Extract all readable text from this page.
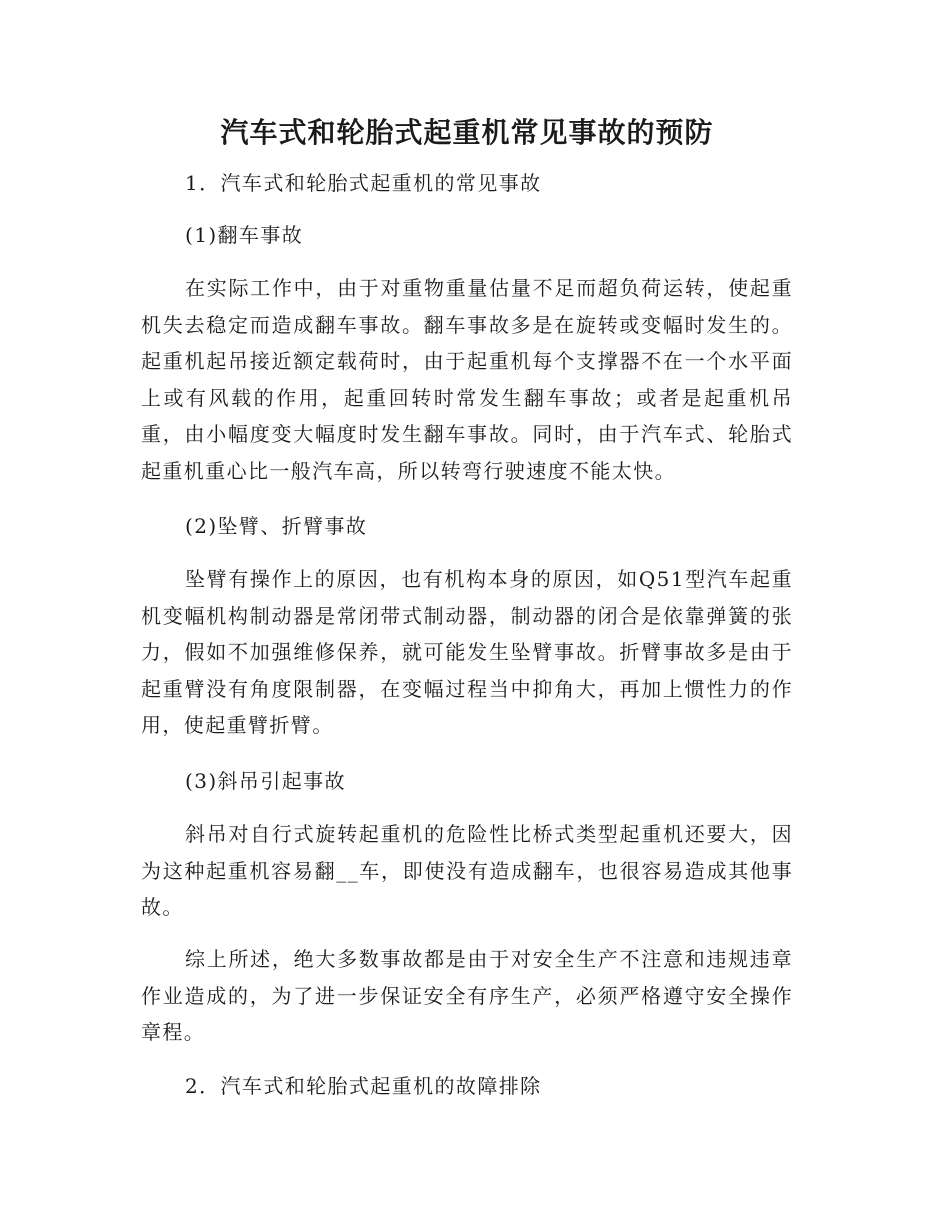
汽车式和轮胎式起重机常见事故的预防

1．汽车式和轮胎式起重机的常见事故

(1)翻车事故

在实际工作中，由于对重物重量估量不足而超负荷运转，使起重机失去稳定而造成翻车事故。翻车事故多是在旋转或变幅时发生的。起重机起吊接近额定载荷时，由于起重机每个支撑器不在一个水平面上或有风载的作用，起重回转时常发生翻车事故；或者是起重机吊重，由小幅度变大幅度时发生翻车事故。同时，由于汽车式、轮胎式起重机重心比一般汽车高，所以转弯行驶速度不能太快。

(2)坠臂、折臂事故

坠臂有操作上的原因，也有机构本身的原因，如Q51型汽车起重机变幅机构制动器是常闭带式制动器，制动器的闭合是依靠弹簧的张力，假如不加强维修保养，就可能发生坠臂事故。折臂事故多是由于起重臂没有角度限制器，在变幅过程当中抑角大，再加上惯性力的作用，使起重臂折臂。

(3)斜吊引起事故

斜吊对自行式旋转起重机的危险性比桥式类型起重机还要大，因为这种起重机容易翻__车，即使没有造成翻车，也很容易造成其他事故。

综上所述，绝大多数事故都是由于对安全生产不注意和违规违章作业造成的，为了进一步保证安全有序生产，必须严格遵守安全操作章程。

2．汽车式和轮胎式起重机的故障排除
